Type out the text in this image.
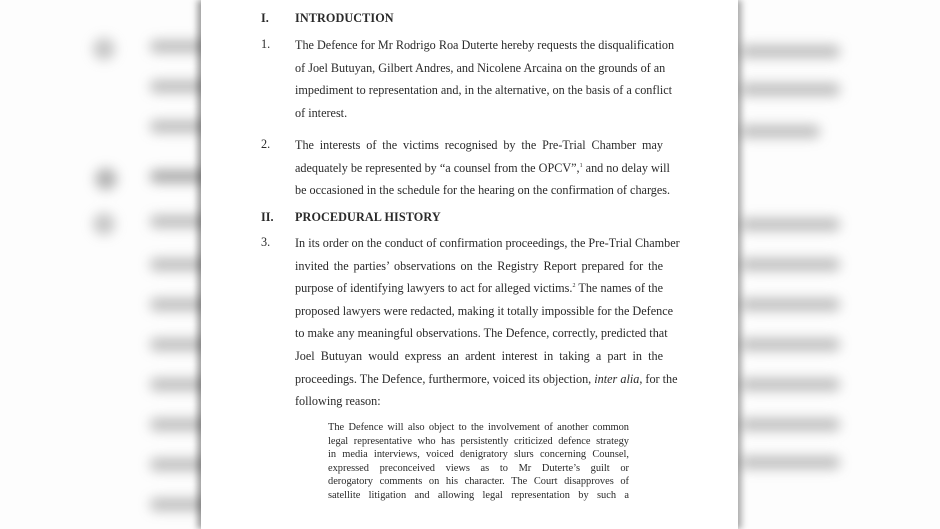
I. INTRODUCTION
1. The Defence for Mr Rodrigo Roa Duterte hereby requests the disqualification
of Joel Butuyan, Gilbert Andres, and Nicolene Arcaina on the grounds of an
impediment to representation and, in the alternative, on the basis of a conflict
of interest.
2. The interests of the victims recognised by the Pre-Trial Chamber may
adequately be represented by “a counsel from the OPCV”,$^1$ and no delay will
be occasioned in the schedule for the hearing on the confirmation of charges.
II. PROCEDURAL HISTORY
3. In its order on the conduct of confirmation proceedings, the Pre-Trial Chamber
invited the parties’ observations on the Registry Report prepared for the
purpose of identifying lawyers to act for alleged victims.$^2$ The names of the
proposed lawyers were redacted, making it totally impossible for the Defence
to make any meaningful observations. The Defence, correctly, predicted that
Joel Butuyan would express an ardent interest in taking a part in the
proceedings. The Defence, furthermore, voiced its objection, inter alia, for the
following reason:
The Defence will also object to the involvement of another common
legal representative who has persistently criticized defence strategy
in media interviews, voiced denigratory slurs concerning Counsel,
expressed preconceived views as to Mr Duterte’s guilt or
derogatory comments on his character. The Court disapproves of
satellite litigation and allowing legal representation by such a
